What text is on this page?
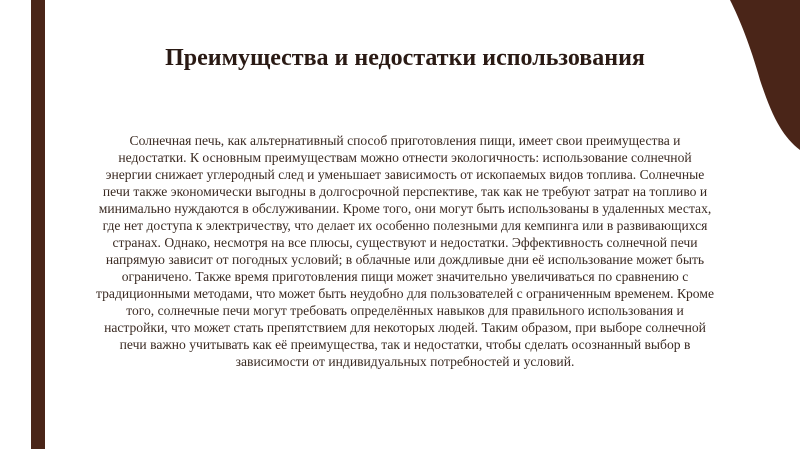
Преимущества и недостатки использования

Солнечная печь, как альтернативный способ приготовления пищи, имеет свои преимущества и недостатки. К основным преимуществам можно отнести экологичность: использование солнечной энергии снижает углеродный след и уменьшает зависимость от ископаемых видов топлива. Солнечные печи также экономически выгодны в долгосрочной перспективе, так как не требуют затрат на топливо и минимально нуждаются в обслуживании. Кроме того, они могут быть использованы в удаленных местах, где нет доступа к электричеству, что делает их особенно полезными для кемпинга или в развивающихся странах. Однако, несмотря на все плюсы, существуют и недостатки. Эффективность солнечной печи напрямую зависит от погодных условий; в облачные или дождливые дни её использование может быть ограничено. Также время приготовления пищи может значительно увеличиваться по сравнению с традиционными методами, что может быть неудобно для пользователей с ограниченным временем. Кроме того, солнечные печи могут требовать определённых навыков для правильного использования и настройки, что может стать препятствием для некоторых людей. Таким образом, при выборе солнечной печи важно учитывать как её преимущества, так и недостатки, чтобы сделать осознанный выбор в зависимости от индивидуальных потребностей и условий.
